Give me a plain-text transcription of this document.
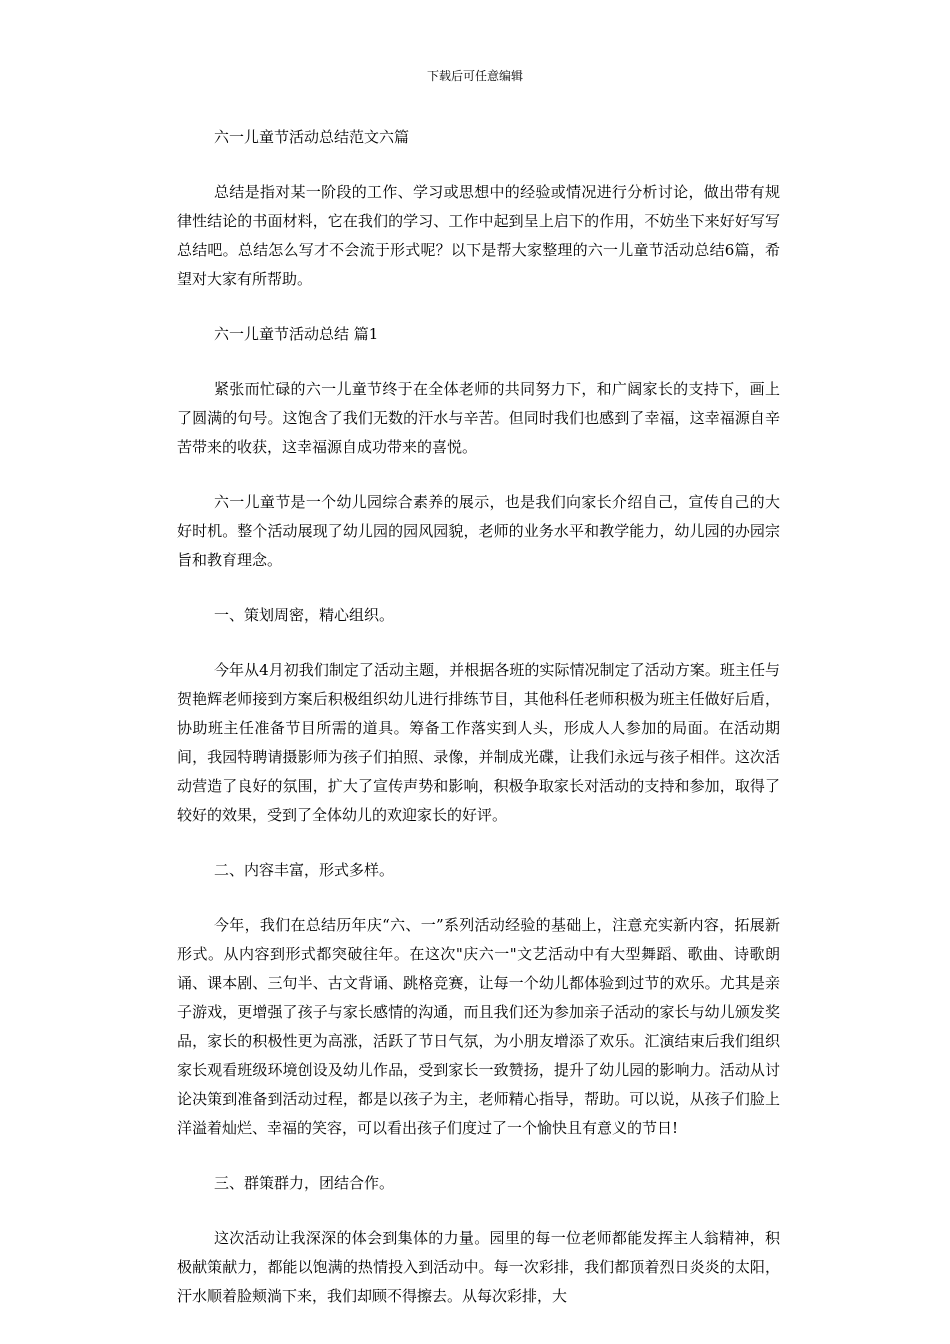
下载后可任意编辑

六一儿童节活动总结范文六篇

总结是指对某一阶段的工作、学习或思想中的经验或情况进行分析讨论，做出带有规律性结论的书面材料，它在我们的学习、工作中起到呈上启下的作用，不妨坐下来好好写写总结吧。总结怎么写才不会流于形式呢？以下是帮大家整理的六一儿童节活动总结6篇，希望对大家有所帮助。

六一儿童节活动总结 篇1

紧张而忙碌的六一儿童节终于在全体老师的共同努力下，和广阔家长的支持下，画上了圆满的句号。这饱含了我们无数的汗水与辛苦。但同时我们也感到了幸福，这幸福源自辛苦带来的收获，这幸福源自成功带来的喜悦。

六一儿童节是一个幼儿园综合素养的展示，也是我们向家长介绍自己，宣传自己的大好时机。整个活动展现了幼儿园的园风园貌，老师的业务水平和教学能力，幼儿园的办园宗旨和教育理念。

一、策划周密，精心组织。

今年从4月初我们制定了活动主题，并根据各班的实际情况制定了活动方案。班主任与贺艳辉老师接到方案后积极组织幼儿进行排练节目，其他科任老师积极为班主任做好后盾，协助班主任准备节目所需的道具。筹备工作落实到人头，形成人人参加的局面。在活动期间，我园特聘请摄影师为孩子们拍照、录像，并制成光碟，让我们永远与孩子相伴。这次活动营造了良好的氛围，扩大了宣传声势和影响，积极争取家长对活动的支持和参加，取得了较好的效果，受到了全体幼儿的欢迎家长的好评。

二、内容丰富，形式多样。

今年，我们在总结历年庆“六、一”系列活动经验的基础上，注意充实新内容，拓展新形式。从内容到形式都突破往年。在这次"庆六一"文艺活动中有大型舞蹈、歌曲、诗歌朗诵、课本剧、三句半、古文背诵、跳格竞赛，让每一个幼儿都体验到过节的欢乐。尤其是亲子游戏，更增强了孩子与家长感情的沟通，而且我们还为参加亲子活动的家长与幼儿颁发奖品，家长的积极性更为高涨，活跃了节日气氛，为小朋友增添了欢乐。汇演结束后我们组织家长观看班级环境创设及幼儿作品，受到家长一致赞扬，提升了幼儿园的影响力。活动从讨论决策到准备到活动过程，都是以孩子为主，老师精心指导，帮助。可以说，从孩子们脸上洋溢着灿烂、幸福的笑容，可以看出孩子们度过了一个愉快且有意义的节日!

三、群策群力，团结合作。

这次活动让我深深的体会到集体的力量。园里的每一位老师都能发挥主人翁精神，积极献策献力，都能以饱满的热情投入到活动中。每一次彩排，我们都顶着烈日炎炎的太阳，汗水顺着脸颊淌下来，我们却顾不得擦去。从每次彩排，大
